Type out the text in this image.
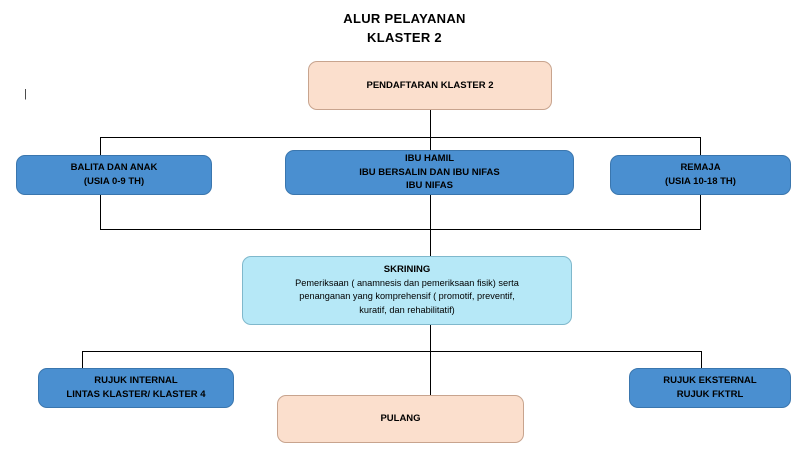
ALUR PELAYANAN
KLASTER 2
|
PENDAFTARAN KLASTER 2
BALITA DAN ANAK
(USIA 0-9 TH)
IBU HAMIL
IBU BERSALIN DAN IBU NIFAS
IBU NIFAS
REMAJA
(USIA 10-18 TH)
SKRINING
Pemeriksaan ( anamnesis dan pemeriksaan fisik) serta
penanganan yang komprehensif ( promotif, preventif,
kuratif, dan rehabilitatif)
RUJUK INTERNAL
LINTAS KLASTER/ KLASTER 4
PULANG
RUJUK EKSTERNAL
RUJUK FKTRL
